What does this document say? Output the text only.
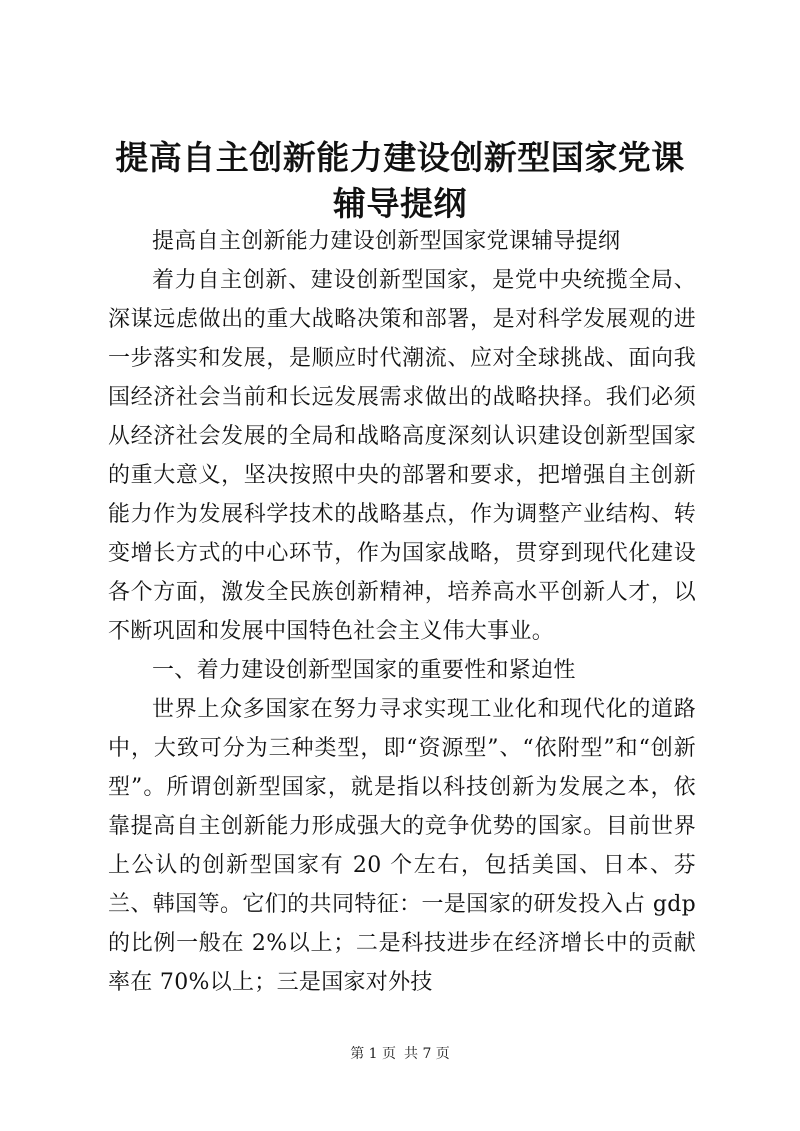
提高自主创新能力建设创新型国家党课辅导提纲

提高自主创新能力建设创新型国家党课辅导提纲

着力自主创新、建设创新型国家，是党中央统揽全局、深谋远虑做出的重大战略决策和部署，是对科学发展观的进一步落实和发展，是顺应时代潮流、应对全球挑战、面向我国经济社会当前和长远发展需求做出的战略抉择。我们必须从经济社会发展的全局和战略高度深刻认识建设创新型国家的重大意义，坚决按照中央的部署和要求，把增强自主创新能力作为发展科学技术的战略基点，作为调整产业结构、转变增长方式的中心环节，作为国家战略，贯穿到现代化建设各个方面，激发全民族创新精神，培养高水平创新人才，以不断巩固和发展中国特色社会主义伟大事业。

一、着力建设创新型国家的重要性和紧迫性

世界上众多国家在努力寻求实现工业化和现代化的道路中，大致可分为三种类型，即“资源型”、“依附型”和“创新型”。所谓创新型国家，就是指以科技创新为发展之本，依靠提高自主创新能力形成强大的竞争优势的国家。目前世界上公认的创新型国家有 20 个左右，包括美国、日本、芬兰、韩国等。它们的共同特征：一是国家的研发投入占 gdp 的比例一般在 2%以上；二是科技进步在经济增长中的贡献率在 70%以上；三是国家对外技

第 1 页 共 7 页
